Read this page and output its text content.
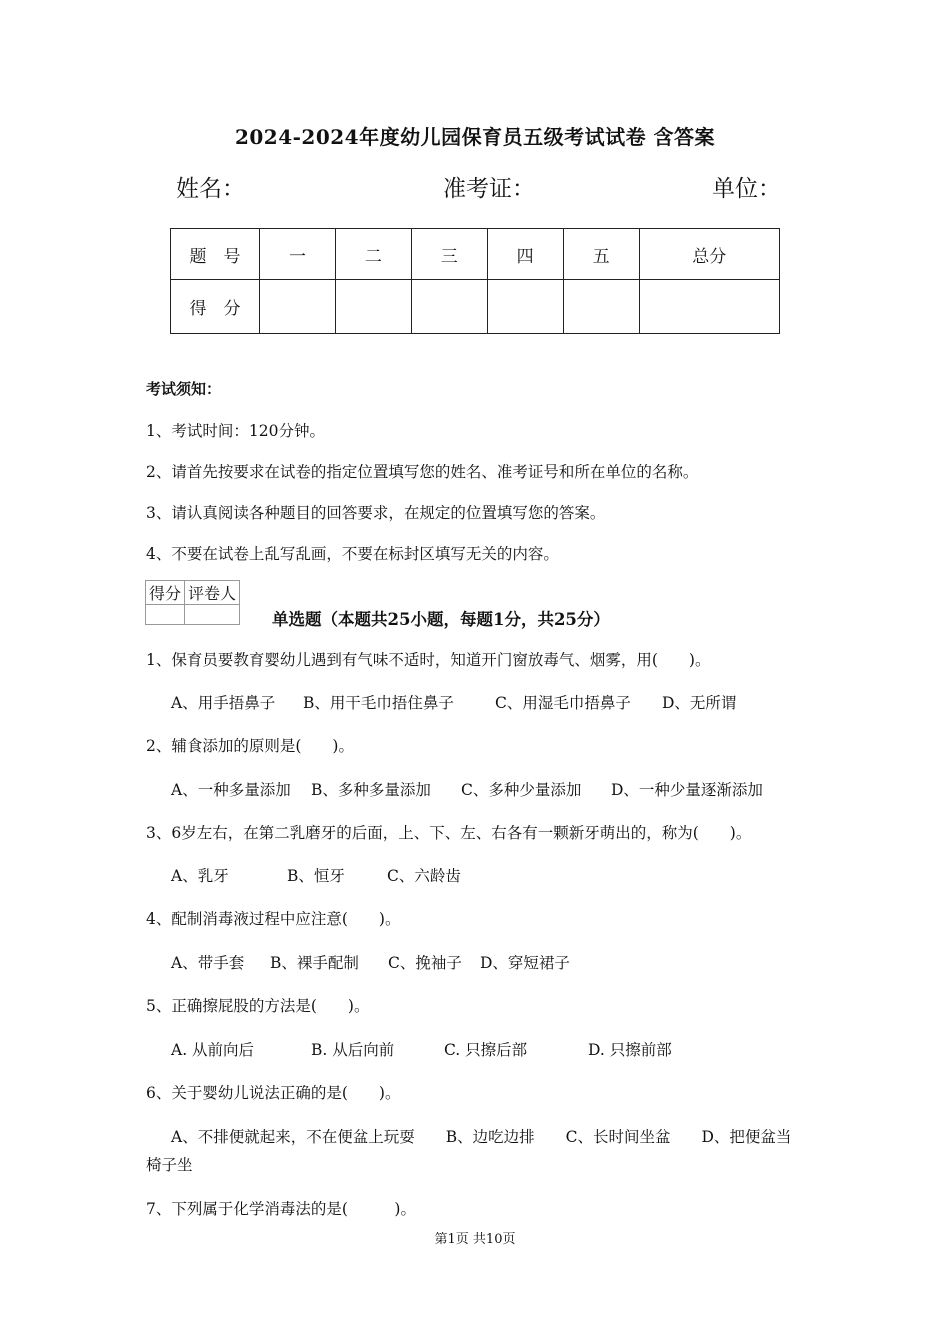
2024-2024年度幼儿园保育员五级考试试卷 含答案
姓名：	准考证：	单位：
题　号	一	二	三	四	五	总分
得　分						
考试须知：
1、考试时间：120分钟。
2、请首先按要求在试卷的指定位置填写您的姓名、准考证号和所在单位的名称。
3、请认真阅读各种题目的回答要求，在规定的位置填写您的答案。
4、不要在试卷上乱写乱画，不要在标封区填写无关的内容。
得分	评卷人

单选题（本题共25小题，每题1分，共25分）
1、保育员要教育婴幼儿遇到有气味不适时，知道开门窗放毒气、烟雾，用(　　)。
A、用手捂鼻子 B、用干毛巾捂住鼻子	C、用湿毛巾捂鼻子 D、无所谓
2、辅食添加的原则是(　　)。
A、一种多量添加 B、多种多量添加 C、多种少量添加 D、一种少量逐渐添加
3、6岁左右，在第二乳磨牙的后面，上、下、左、右各有一颗新牙萌出的，称为(　　)。
A、乳牙	B、恒牙	C、六龄齿
4、配制消毒液过程中应注意(　　)。
A、带手套 B、裸手配制 C、挽袖子 D、穿短裙子
5、正确擦屁股的方法是(　　)。
A. 从前向后	B. 从后向前	C. 只擦后部	D. 只擦前部
6、关于婴幼儿说法正确的是(　　)。
A、不排便就起来，不在便盆上玩耍　　B、边吃边排　　C、长时间坐盆　　D、把便盆当
椅子坐
7、下列属于化学消毒法的是(　　　)。
第1页 共10页
